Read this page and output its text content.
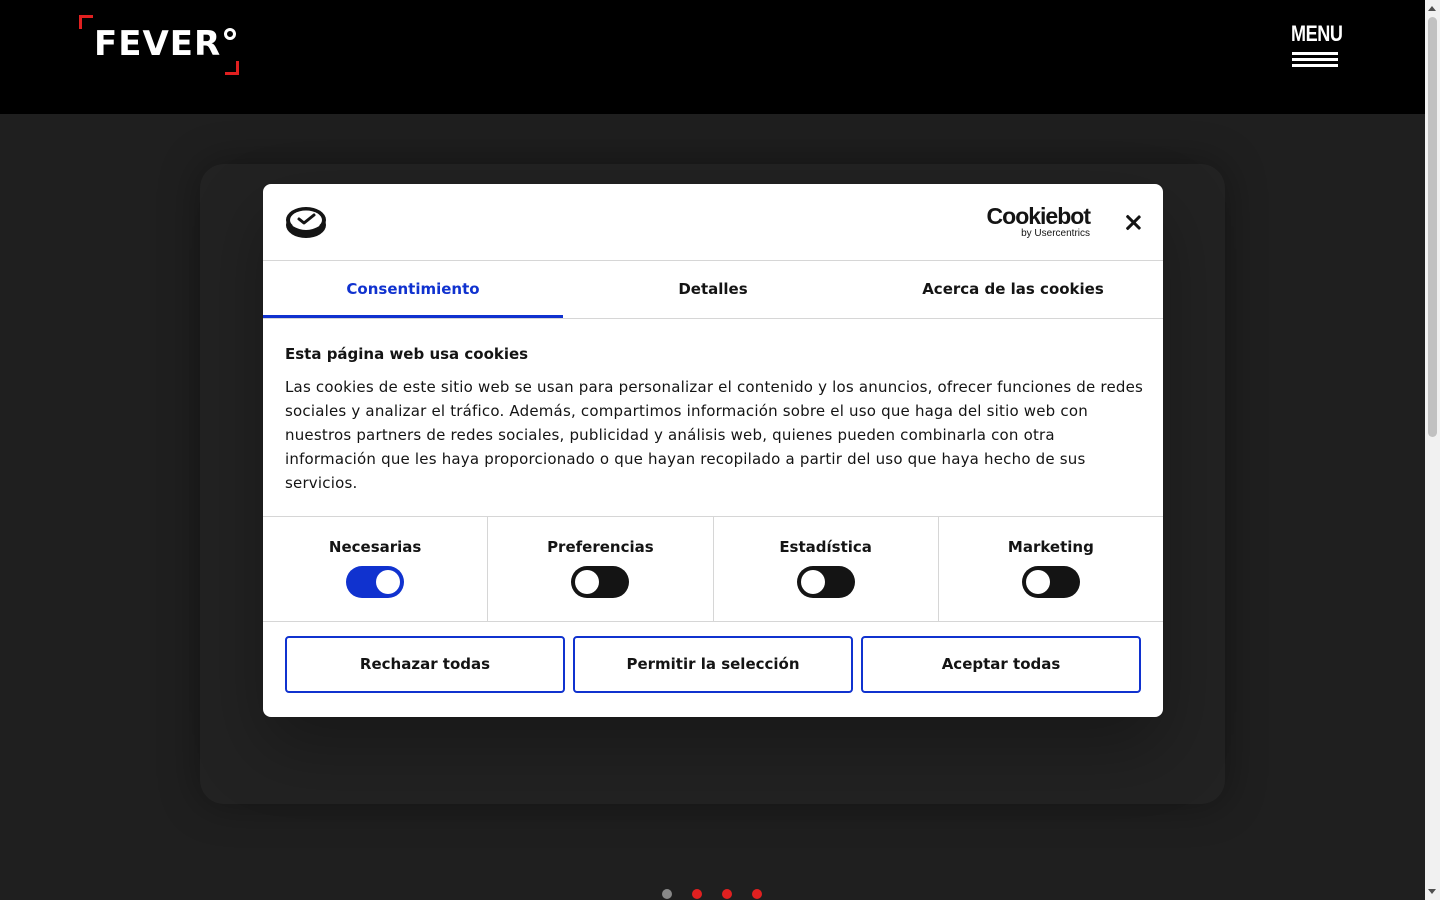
FEVER	MENU
Cookiebot
by Usercentrics
Consentimiento	Detalles	Acerca de las cookies
Esta página web usa cookies
Las cookies de este sitio web se usan para personalizar el contenido y los anuncios, ofrecer funciones de redes sociales y analizar el tráfico. Además, compartimos información sobre el uso que haga del sitio web con nuestros partners de redes sociales, publicidad y análisis web, quienes pueden combinarla con otra información que les haya proporcionado o que hayan recopilado a partir del uso que haya hecho de sus servicios.
Necesarias	Preferencias	Estadística	Marketing
Rechazar todas	Permitir la selección	Aceptar todas
